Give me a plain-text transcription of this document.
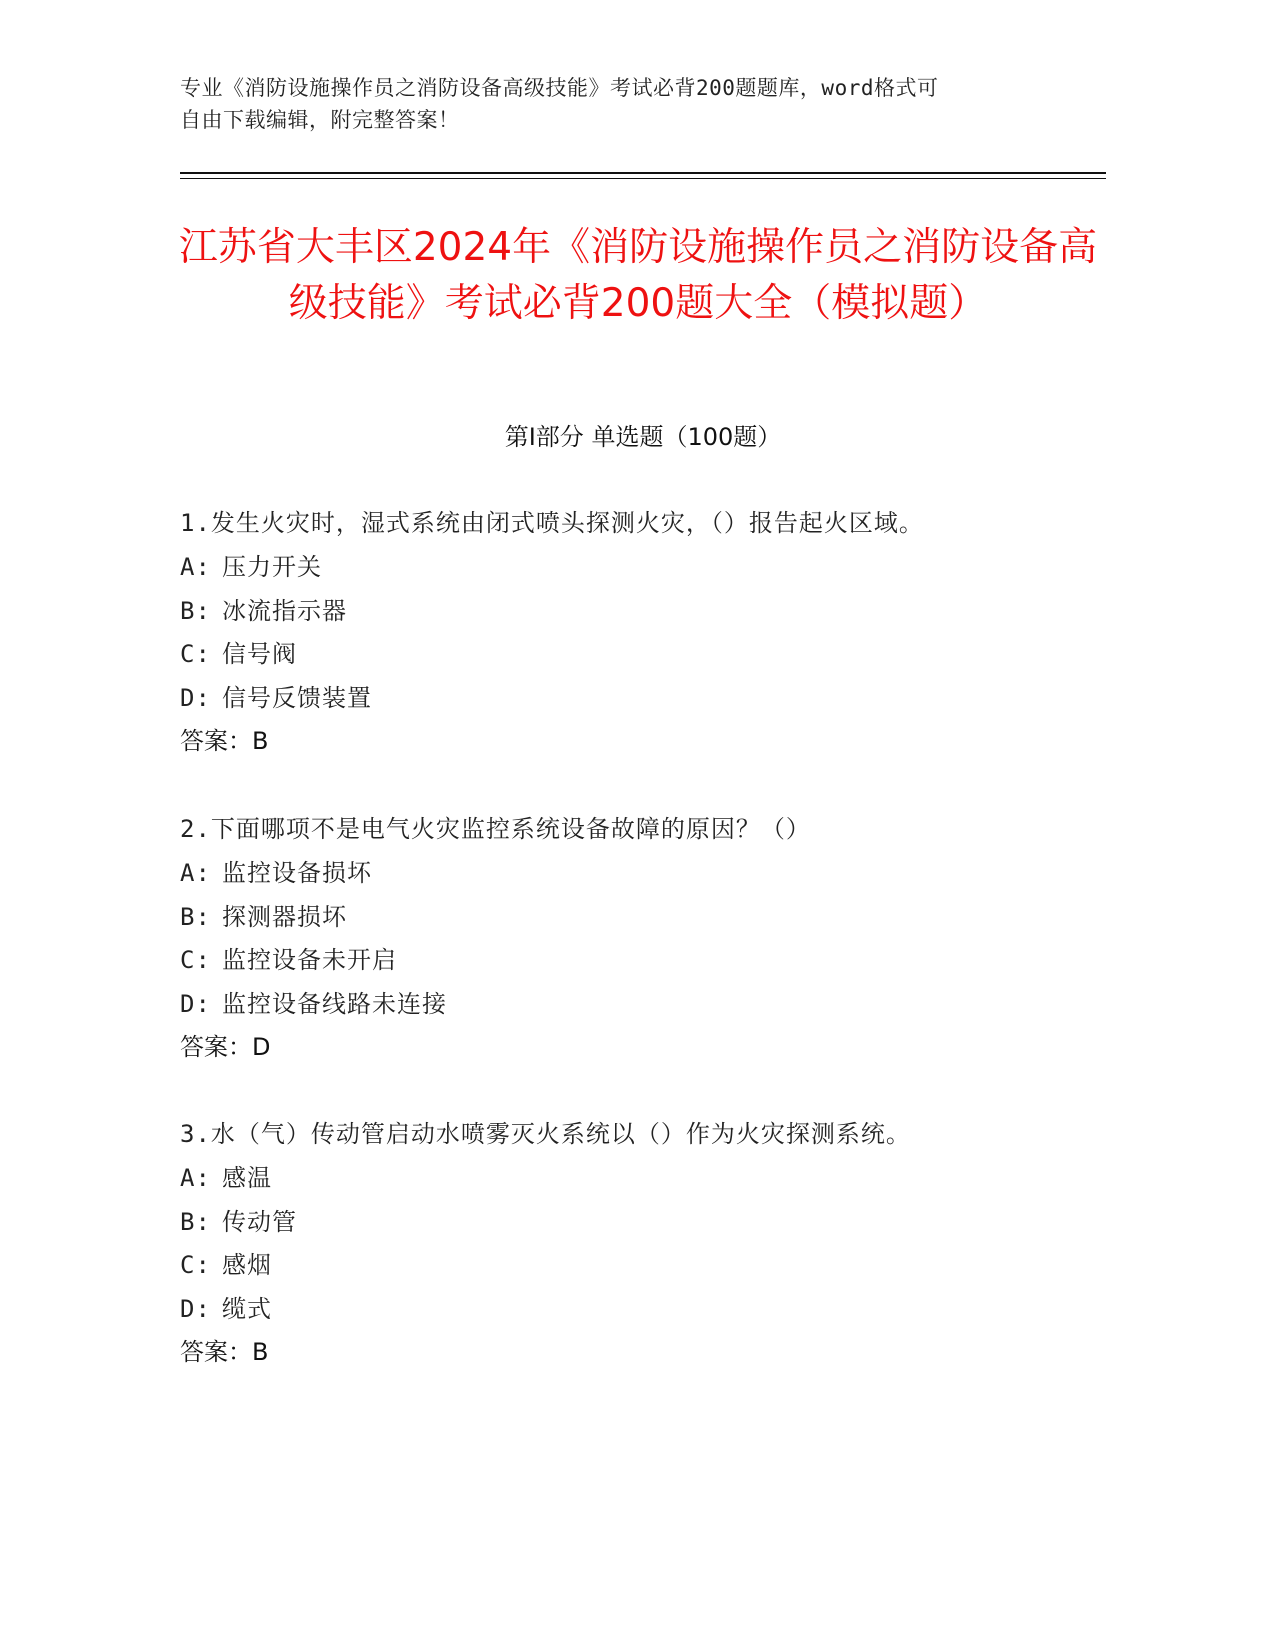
专业《消防设施操作员之消防设备高级技能》考试必背200题题库，word格式可
自由下载编辑，附完整答案！
江苏省大丰区2024年《消防设施操作员之消防设备高级技能》考试必背200题大全（模拟题）
第Ⅰ部分 单选题（100题）
1.发生火灾时，湿式系统由闭式喷头探测火灾，（）报告起火区域。
A: 压力开关
B: 冰流指示器
C: 信号阀
D: 信号反馈装置
答案：B
2.下面哪项不是电气火灾监控系统设备故障的原因？（）
A: 监控设备损坏
B: 探测器损坏
C: 监控设备未开启
D: 监控设备线路未连接
答案：D
3.水（气）传动管启动水喷雾灭火系统以（）作为火灾探测系统。
A: 感温
B: 传动管
C: 感烟
D: 缆式
答案：B
